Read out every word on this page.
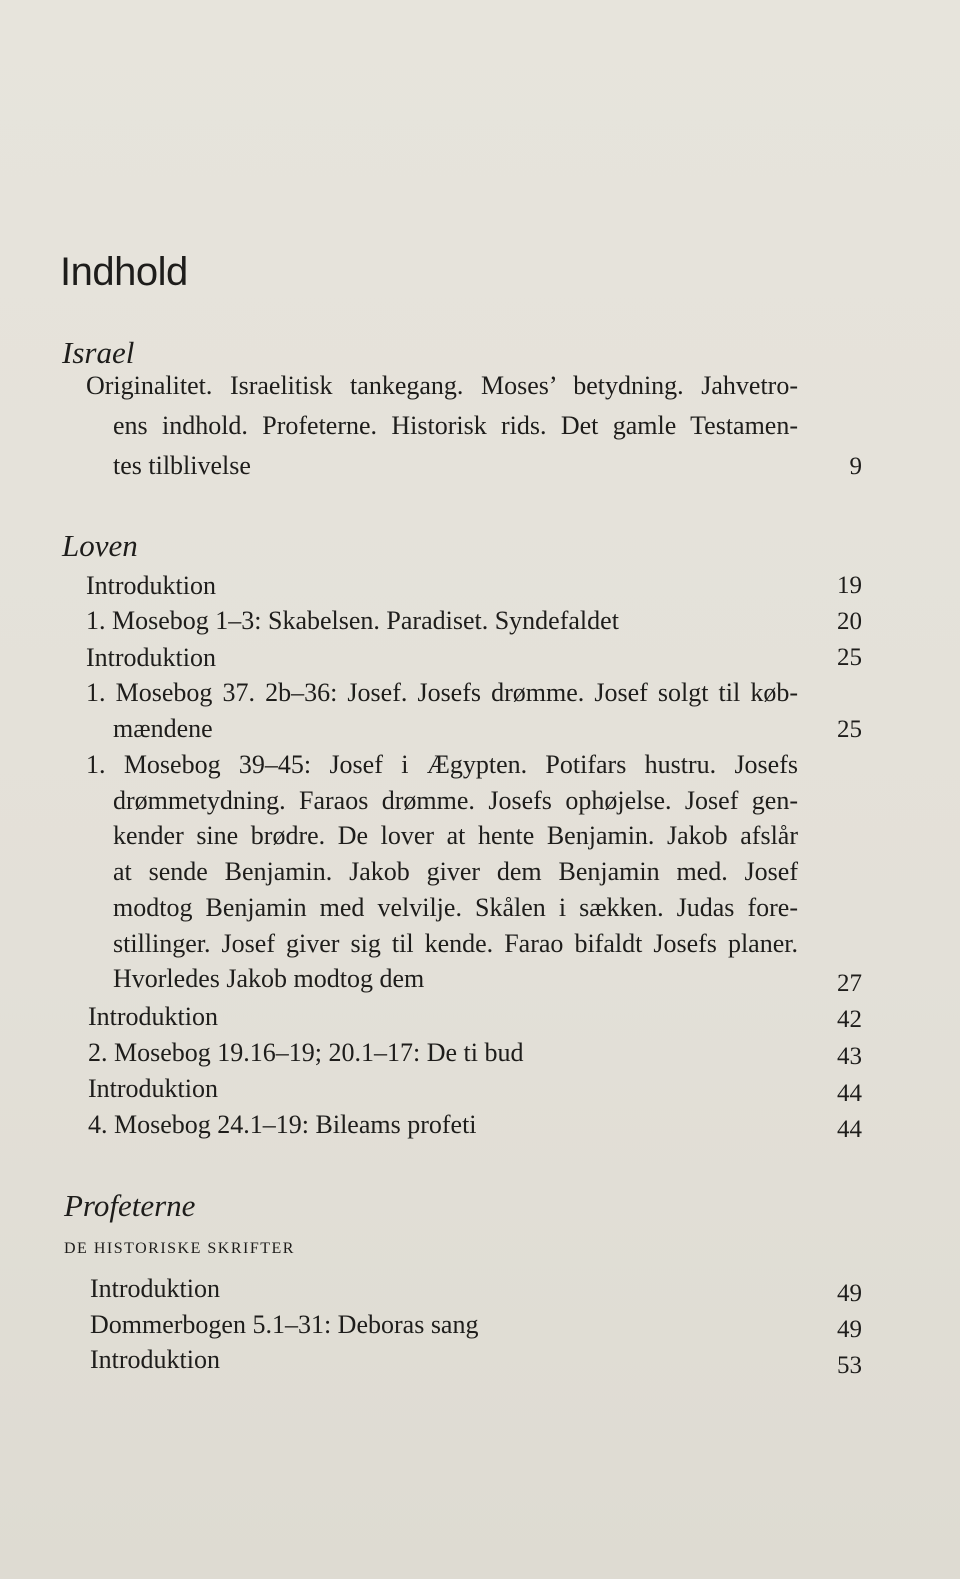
Indhold
Israel
Originalitet. Israelitisk tankegang. Moses’ betydning. Jahvetro-
ens indhold. Profeterne. Historisk rids. Det gamle Testamen-
tes tilblivelse	9
Loven
Introduktion	19
1. Mosebog 1–3: Skabelsen. Paradiset. Syndefaldet	20
Introduktion	25
1. Mosebog 37. 2b–36: Josef. Josefs drømme. Josef solgt til køb-
mændene	25
1. Mosebog 39–45: Josef i Ægypten. Potifars hustru. Josefs
drømmetydning. Faraos drømme. Josefs ophøjelse. Josef gen-
kender sine brødre. De lover at hente Benjamin. Jakob afslår
at sende Benjamin. Jakob giver dem Benjamin med. Josef
modtog Benjamin med velvilje. Skålen i sækken. Judas fore-
stillinger. Josef giver sig til kende. Farao bifaldt Josefs planer.
Hvorledes Jakob modtog dem	27
Introduktion	42
2. Mosebog 19.16–19; 20.1–17: De ti bud	43
Introduktion	44
4. Mosebog 24.1–19: Bileams profeti	44
Profeterne
DE HISTORISKE SKRIFTER
Introduktion	49
Dommerbogen 5.1–31: Deboras sang	49
Introduktion	53
